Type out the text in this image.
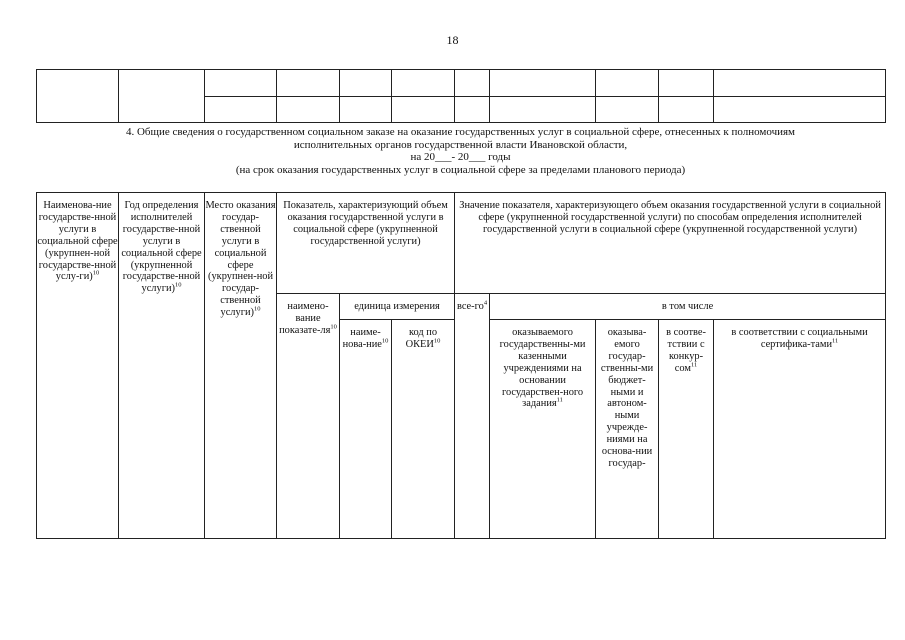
18

4. Общие сведения о государственном социальном заказе на оказание государственных услуг в социальной сфере, отнесенных к полномочиям
исполнительных органов государственной власти Ивановской области,
на 20___- 20___ годы
(на срок оказания государственных услуг в социальной сфере за пределами планового периода)
Наименова-ние государстве-нной услуги в социальной сфере (укрупнен-ной государстве-нной услу-ги)$^{10}$	Год определения исполнителей государстве-нной услуги в социальной сфере (укрупненной государстве-нной услуги)$^{10}$	Место оказания государ-ственной услуги в социальной сфере (укрупнен-ной государ-ственной услуги)$^{10}$	Показатель, характеризующий объем оказания государственной услуги в социальной сфере (укрупненной государственной услуги)			Значение показателя, характеризующего объем оказания государственной услуги в социальной сфере (укрупненной государственной услуги) по способам определения исполнителей государственной услуги в социальной сфере (укрупненной государственной услуги)				
			наимено-вание показате-$ля^{10}$	единица измерения		все-$го^4$	в том числе			
				наиме-нова-ние$^{10}$	код по ОКЕИ$^{10}$		оказываемого государственны-ми казенными учреждениями на основании государствен-ного задания$^{11}$	оказыва-емого государ-ственны-ми бюджет-ными и автоном-ными учрежде-ниями на основа-нии государ-	в соотве-тствии с конкур-сом$^{11}$	в соответствии с социальными сертифика-тами$^{11}$
